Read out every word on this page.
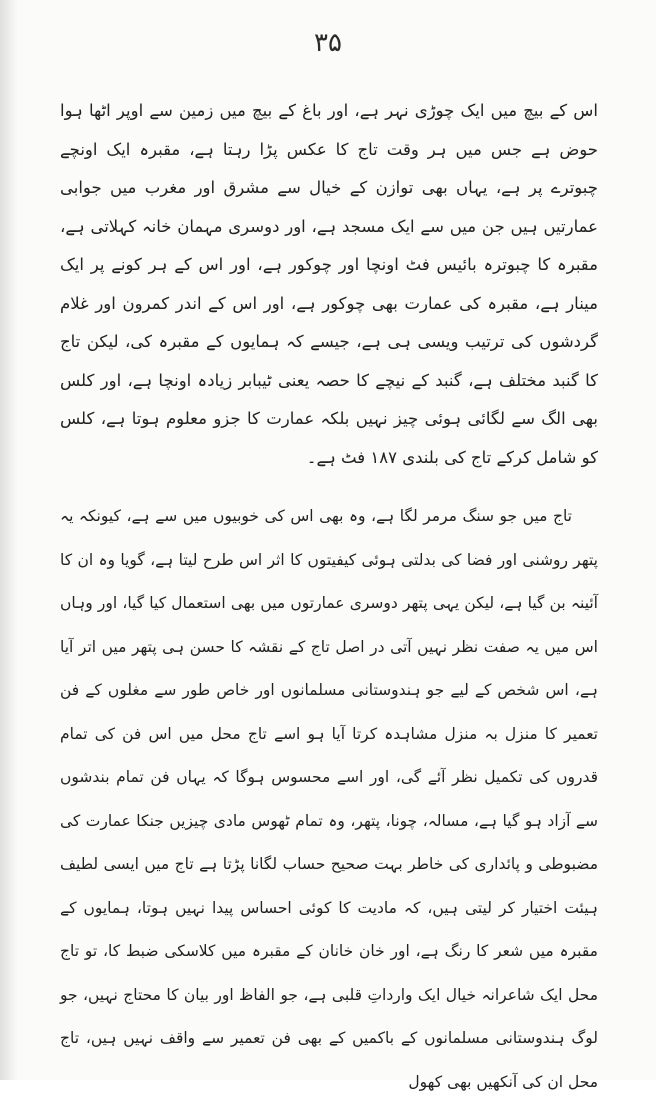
۳۵

اس کے بیچ میں ایک چوڑی نہر ہے، اور باغ کے بیچ میں زمین سے اوپر اٹھا ہوا حوض ہے جس میں ہر وقت تاج کا عکس پڑا رہتا ہے، مقبرہ ایک اونچے چبوترے پر ہے، یہاں بھی توازن کے خیال سے مشرق اور مغرب میں جوابی عمارتیں ہیں جن میں سے ایک مسجد ہے، اور دوسری مہمان خانہ کہلاتی ہے، مقبرہ کا چبوترہ بائیس فٹ اونچا اور چوکور ہے، اور اس کے ہر کونے پر ایک مینار ہے، مقبرہ کی عمارت بھی چوکور ہے، اور اس کے اندر کمرون اور غلام گردشوں کی ترتیب ویسی ہی ہے، جیسے کہ ہمایوں کے مقبرہ کی، لیکن تاج کا گنبد مختلف ہے، گنبد کے نیچے کا حصہ یعنی ٹیبابر زیادہ اونچا ہے، اور کلس بھی الگ سے لگائی ہوئی چیز نہیں بلکہ عمارت کا جزو معلوم ہوتا ہے، کلس کو شامل کرکے تاج کی بلندی ۱۸۷ فٹ ہے۔

تاج میں جو سنگ مرمر لگا ہے، وہ بھی اس کی خوبیوں میں سے ہے، کیونکہ یہ پتھر روشنی اور فضا کی بدلتی ہوئی کیفیتوں کا اثر اس طرح لیتا ہے، گویا وہ ان کا آئینہ بن گیا ہے، لیکن یہی پتھر دوسری عمارتوں میں بھی استعمال کیا گیا، اور وہاں اس میں یہ صفت نظر نہیں آتی در اصل تاج کے نقشہ کا حسن ہی پتھر میں اتر آیا ہے، اس شخص کے لیے جو ہندوستانی مسلمانوں اور خاص طور سے مغلوں کے فن تعمیر کا منزل بہ منزل مشاہدہ کرتا آیا ہو اسے تاج محل میں اس فن کی تمام قدروں کی تکمیل نظر آئے گی، اور اسے محسوس ہوگا کہ یہاں فن تمام بندشوں سے آزاد ہو گیا ہے، مسالہ، چونا، پتھر، وہ تمام ٹھوس مادی چیزیں جنکا عمارت کی مضبوطی و پائداری کی خاطر بہت صحیح حساب لگانا پڑتا ہے تاج میں ایسی لطیف ہیئت اختیار کر لیتی ہیں، کہ مادیت کا کوئی احساس پیدا نہیں ہوتا، ہمایوں کے مقبرہ میں شعر کا رنگ ہے، اور خان خانان کے مقبرہ میں کلاسکی ضبط کا، تو تاج محل ایک شاعرانہ خیال ایک وارداتِ قلبی ہے، جو الفاظ اور بیان کا محتاج نہیں، جو لوگ ہندوستانی مسلمانوں کے باکمیں کے بھی فن تعمیر سے واقف نہیں ہیں، تاج محل ان کی آنکھیں بھی کھول
